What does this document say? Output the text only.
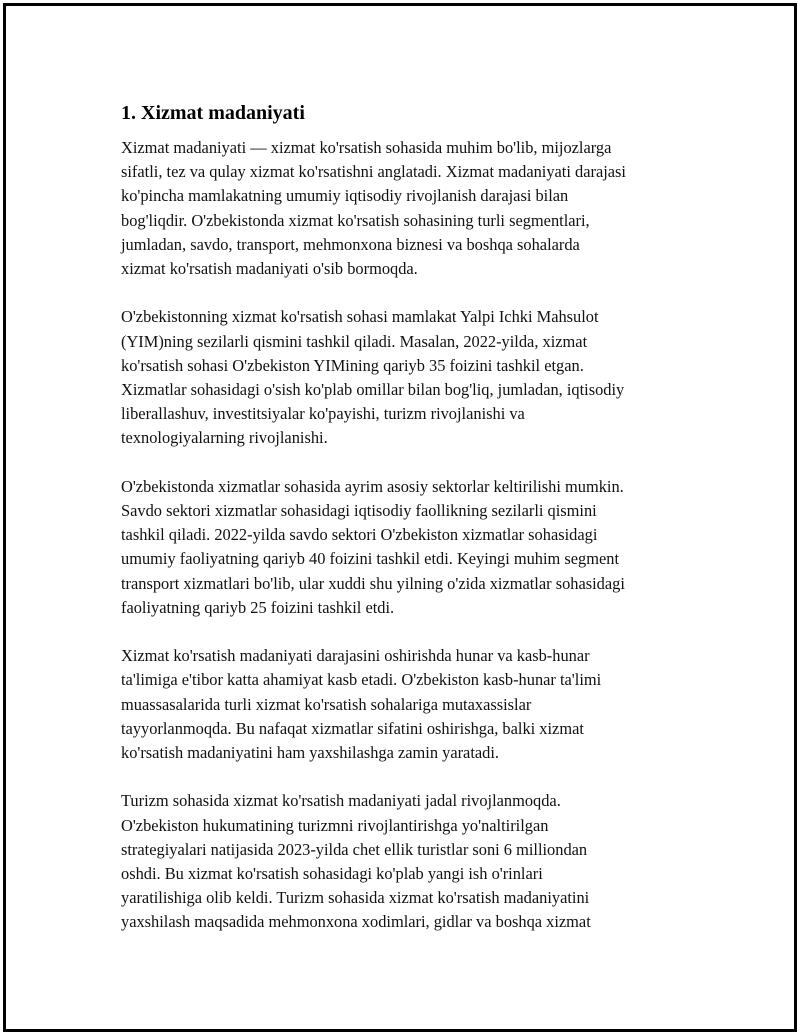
1. Xizmat madaniyati
Xizmat madaniyati — xizmat ko'rsatish sohasida muhim bo'lib, mijozlarga
sifatli, tez va qulay xizmat ko'rsatishni anglatadi. Xizmat madaniyati darajasi
ko'pincha mamlakatning umumiy iqtisodiy rivojlanish darajasi bilan
bog'liqdir. O'zbekistonda xizmat ko'rsatish sohasining turli segmentlari,
jumladan, savdo, transport, mehmonxona biznesi va boshqa sohalarda
xizmat ko'rsatish madaniyati o'sib bormoqda.
O'zbekistonning xizmat ko'rsatish sohasi mamlakat Yalpi Ichki Mahsulot
(YIM)ning sezilarli qismini tashkil qiladi. Masalan, 2022-yilda, xizmat
ko'rsatish sohasi O'zbekiston YIMining qariyb 35 foizini tashkil etgan.
Xizmatlar sohasidagi o'sish ko'plab omillar bilan bog'liq, jumladan, iqtisodiy
liberallashuv, investitsiyalar ko'payishi, turizm rivojlanishi va
texnologiyalarning rivojlanishi.
O'zbekistonda xizmatlar sohasida ayrim asosiy sektorlar keltirilishi mumkin.
Savdo sektori xizmatlar sohasidagi iqtisodiy faollikning sezilarli qismini
tashkil qiladi. 2022-yilda savdo sektori O'zbekiston xizmatlar sohasidagi
umumiy faoliyatning qariyb 40 foizini tashkil etdi. Keyingi muhim segment
transport xizmatlari bo'lib, ular xuddi shu yilning o'zida xizmatlar sohasidagi
faoliyatning qariyb 25 foizini tashkil etdi.
Xizmat ko'rsatish madaniyati darajasini oshirishda hunar va kasb-hunar
ta'limiga e'tibor katta ahamiyat kasb etadi. O'zbekiston kasb-hunar ta'limi
muassasalarida turli xizmat ko'rsatish sohalariga mutaxassislar
tayyorlanmoqda. Bu nafaqat xizmatlar sifatini oshirishga, balki xizmat
ko'rsatish madaniyatini ham yaxshilashga zamin yaratadi.
Turizm sohasida xizmat ko'rsatish madaniyati jadal rivojlanmoqda.
O'zbekiston hukumatining turizmni rivojlantirishga yo'naltirilgan
strategiyalari natijasida 2023-yilda chet ellik turistlar soni 6 milliondan
oshdi. Bu xizmat ko'rsatish sohasidagi ko'plab yangi ish o'rinlari
yaratilishiga olib keldi. Turizm sohasida xizmat ko'rsatish madaniyatini
yaxshilash maqsadida mehmonxona xodimlari, gidlar va boshqa xizmat
